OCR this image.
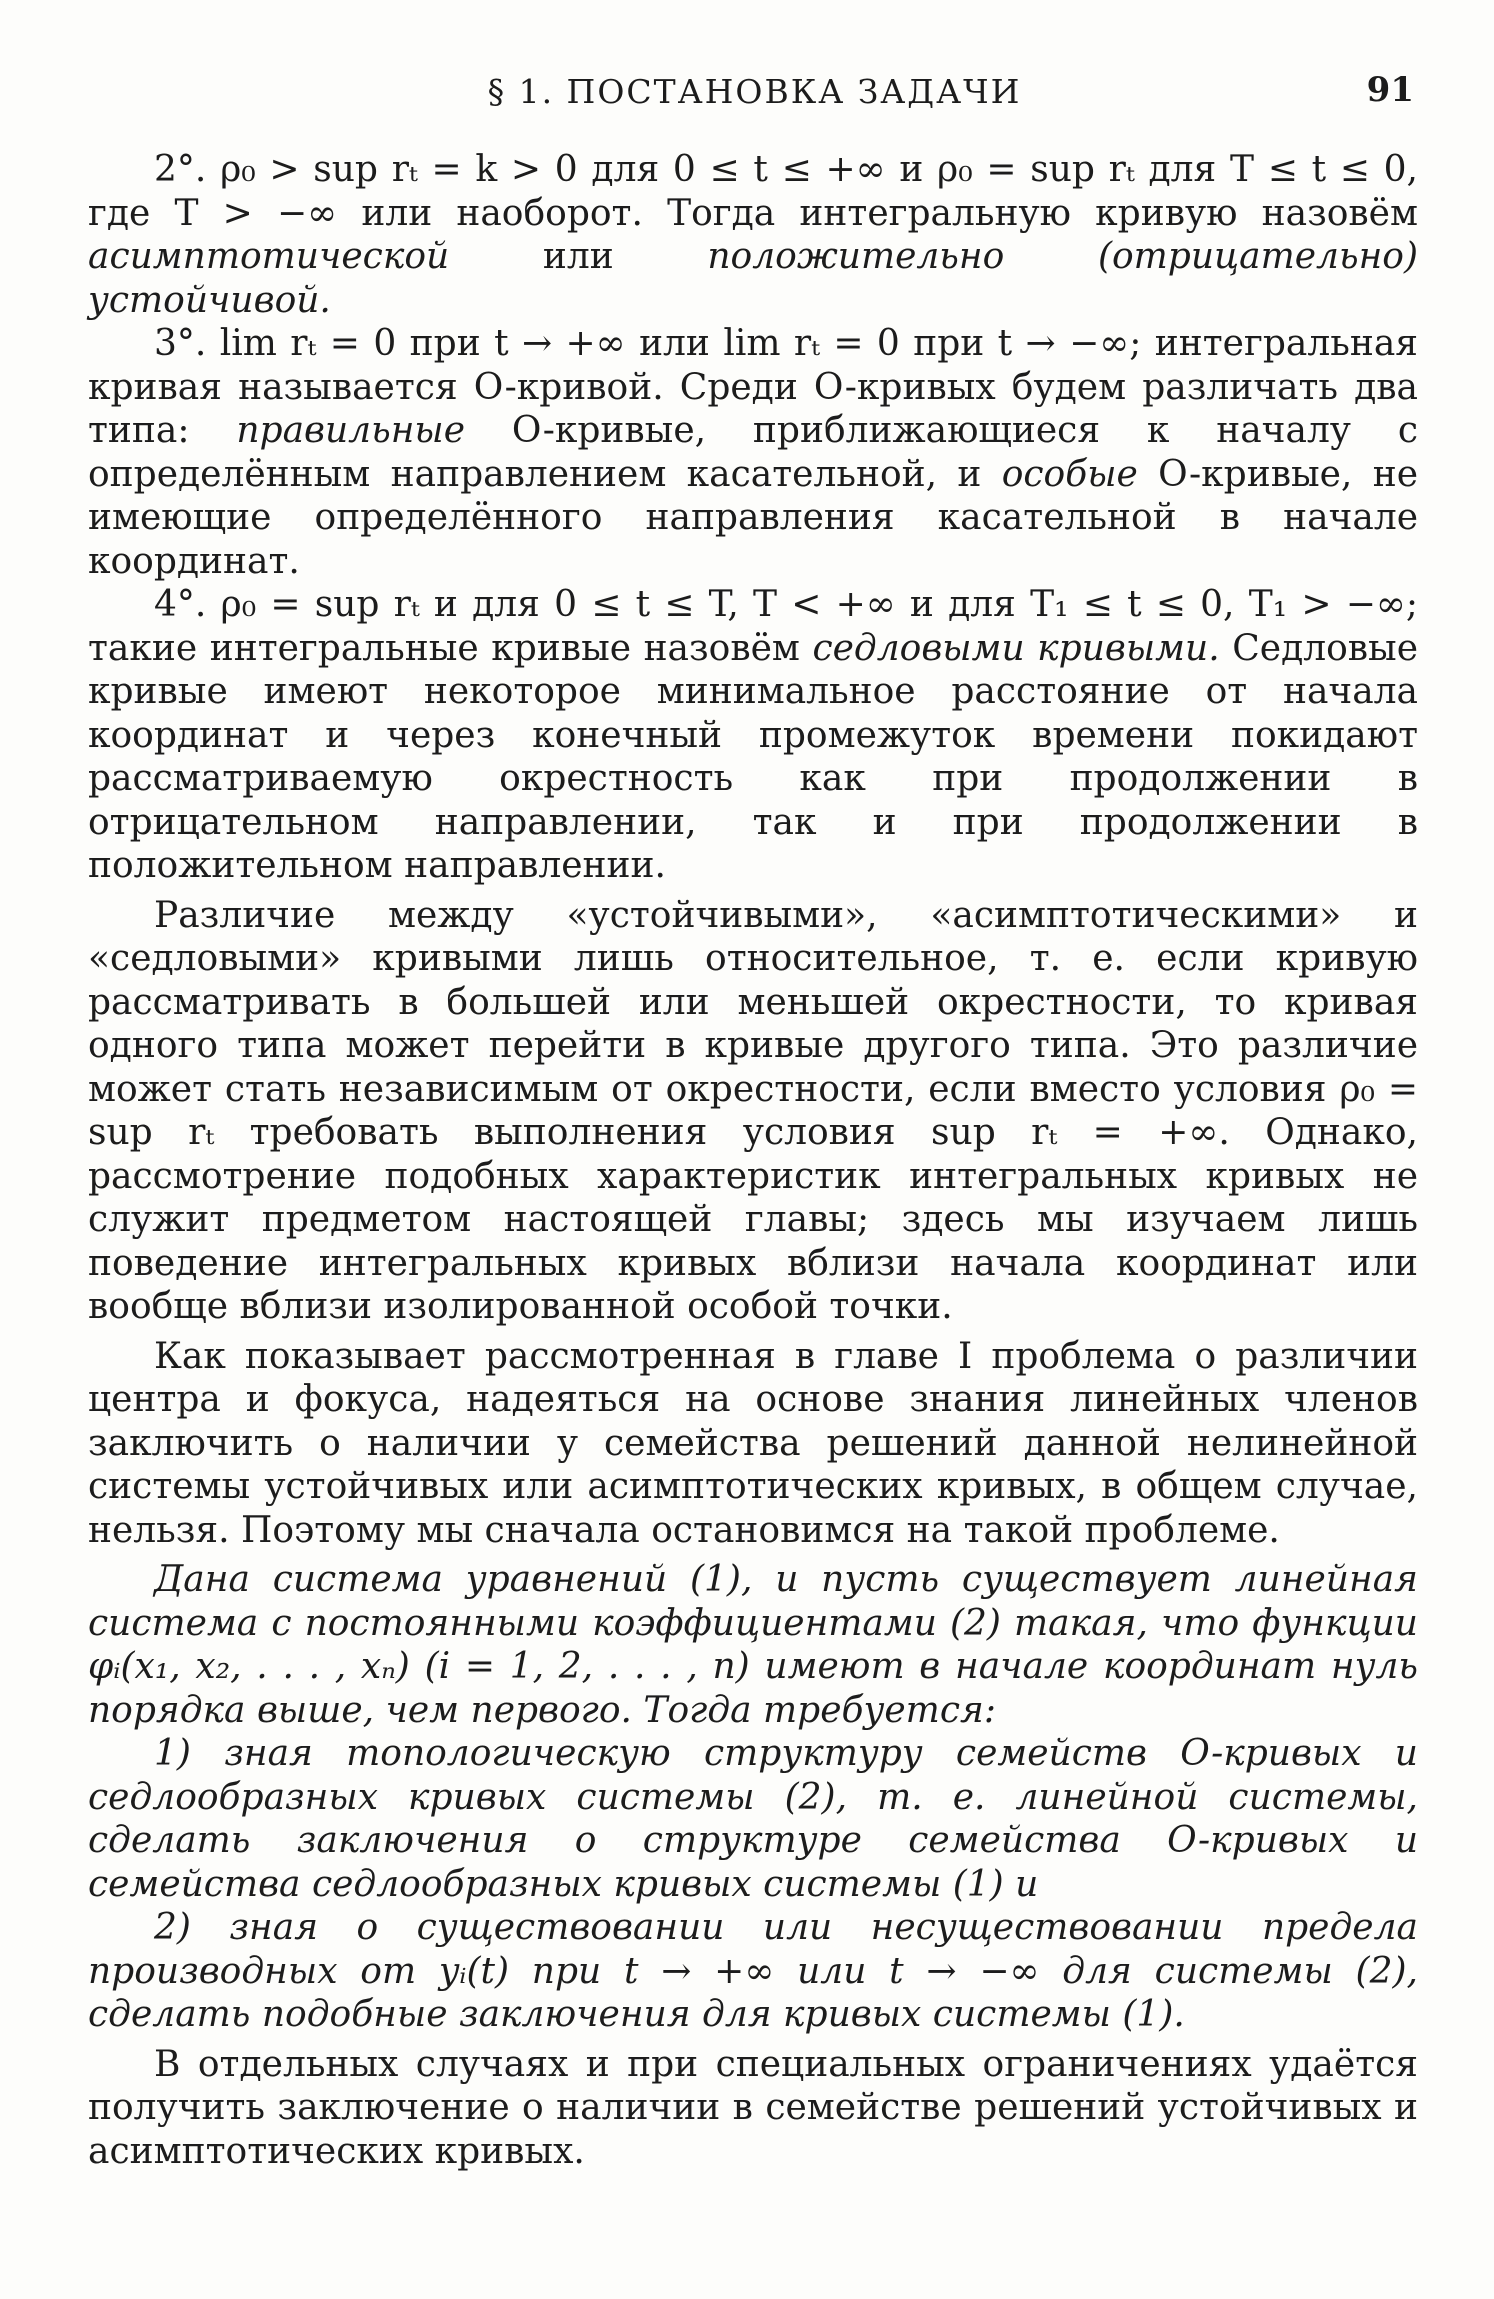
§ 1. ПОСТАНОВКА ЗАДАЧИ	91

2°. ρ₀ > sup rₜ = k > 0 для 0 ≤ t ≤ +∞ и ρ₀ = sup rₜ для T ≤ t ≤ 0, где T > −∞ или наоборот. Тогда интегральную кривую назовём асимптотической или положительно (отрицательно) устойчивой.

3°. lim rₜ = 0 при t → +∞ или lim rₜ = 0 при t → −∞; интегральная кривая называется O-кривой. Среди O-кривых будем различать два типа: правильные O-кривые, приближающиеся к началу с определённым направлением касательной, и особые O-кривые, не имеющие определённого направления касательной в начале координат.

4°. ρ₀ = sup rₜ и для 0 ≤ t ≤ T, T < +∞ и для T₁ ≤ t ≤ 0, T₁ > −∞; такие интегральные кривые назовём седловыми кривыми. Седловые кривые имеют некоторое минимальное расстояние от начала координат и через конечный промежуток времени покидают рассматриваемую окрестность как при продолжении в отрицательном направлении, так и при продолжении в положительном направлении.

Различие между «устойчивыми», «асимптотическими» и «седловыми» кривыми лишь относительное, т. е. если кривую рассматривать в большей или меньшей окрестности, то кривая одного типа может перейти в кривые другого типа. Это различие может стать независимым от окрестности, если вместо условия ρ₀ = sup rₜ требовать выполнения условия sup rₜ = +∞. Однако, рассмотрение подобных характеристик интегральных кривых не служит предметом настоящей главы; здесь мы изучаем лишь поведение интегральных кривых вблизи начала координат или вообще вблизи изолированной особой точки.

Как показывает рассмотренная в главе I проблема о различии центра и фокуса, надеяться на основе знания линейных членов заключить о наличии у семейства решений данной нелинейной системы устойчивых или асимптотических кривых, в общем случае, нельзя. Поэтому мы сначала остановимся на такой проблеме.

Дана система уравнений (1), и пусть существует линейная система с постоянными коэффициентами (2) такая, что функции φᵢ(x₁, x₂, . . . , xₙ) (i = 1, 2, . . . , n) имеют в начале координат нуль порядка выше, чем первого. Тогда требуется:

1) зная топологическую структуру семейств O-кривых и седлообразных кривых системы (2), т. е. линейной системы, сделать заключения о структуре семейства O-кривых и семейства седлообразных кривых системы (1) и

2) зная о существовании или несуществовании предела производных от yᵢ(t) при t → +∞ или t → −∞ для системы (2), сделать подобные заключения для кривых системы (1).

В отдельных случаях и при специальных ограничениях удаётся получить заключение о наличии в семействе решений устойчивых и асимптотических кривых.
